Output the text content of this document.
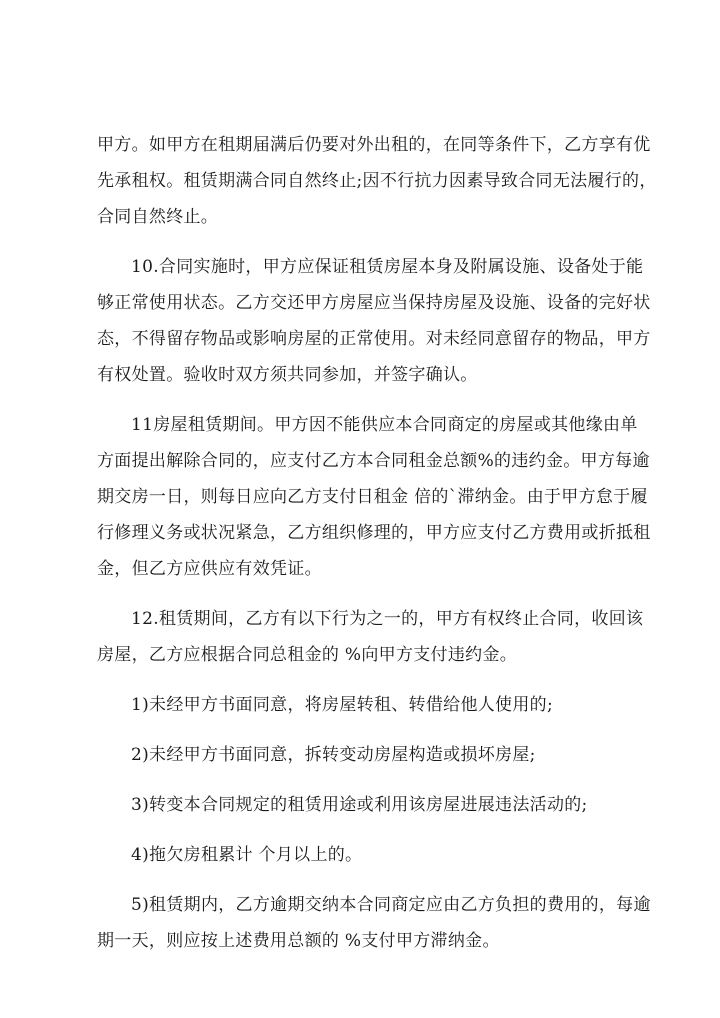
甲方。如甲方在租期届满后仍要对外出租的，在同等条件下，乙方享有优
先承租权。租赁期满合同自然终止;因不行抗力因素导致合同无法履行的，
合同自然终止。
10.合同实施时，甲方应保证租赁房屋本身及附属设施、设备处于能
够正常使用状态。乙方交还甲方房屋应当保持房屋及设施、设备的完好状
态，不得留存物品或影响房屋的正常使用。对未经同意留存的物品，甲方
有权处置。验收时双方须共同参加，并签字确认。
11房屋租赁期间。甲方因不能供应本合同商定的房屋或其他缘由单
方面提出解除合同的，应支付乙方本合同租金总额%的违约金。甲方每逾
期交房一日，则每日应向乙方支付日租金 倍的`滞纳金。由于甲方怠于履
行修理义务或状况紧急，乙方组织修理的，甲方应支付乙方费用或折抵租
金，但乙方应供应有效凭证。
12.租赁期间，乙方有以下行为之一的，甲方有权终止合同，收回该
房屋，乙方应根据合同总租金的 %向甲方支付违约金。
1)未经甲方书面同意，将房屋转租、转借给他人使用的;
2)未经甲方书面同意，拆转变动房屋构造或损坏房屋;
3)转变本合同规定的租赁用途或利用该房屋进展违法活动的;
4)拖欠房租累计 个月以上的。
5)租赁期内，乙方逾期交纳本合同商定应由乙方负担的费用的，每逾
期一天，则应按上述费用总额的 %支付甲方滞纳金。
